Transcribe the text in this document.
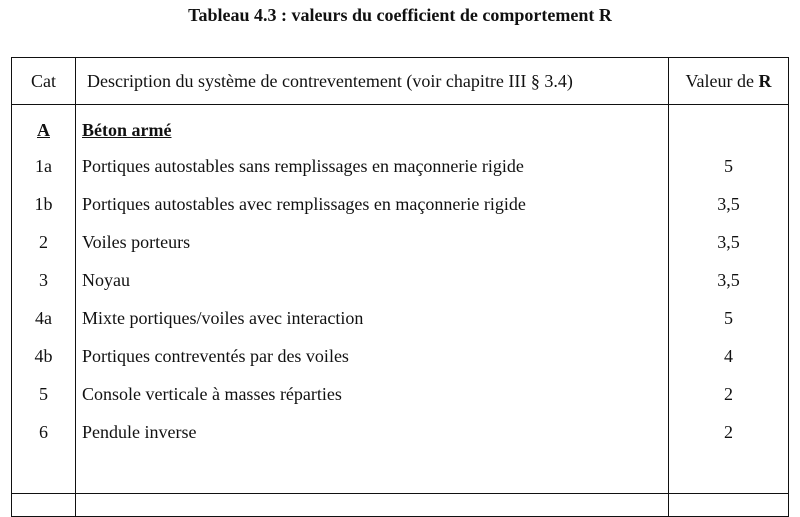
Tableau 4.3 : valeurs du coefficient de comportement R
Cat	Description du système de contreventement (voir chapitre III § 3.4)	Valeur de R
A	Béton armé
1a	Portiques autostables sans remplissages en maçonnerie rigide	5
1b	Portiques autostables avec remplissages en maçonnerie rigide	3,5
2	Voiles porteurs	3,5
3	Noyau	3,5
4a	Mixte portiques/voiles avec interaction	5
4b	Portiques contreventés par des voiles	4
5	Console verticale à masses réparties	2
6	Pendule inverse	2
